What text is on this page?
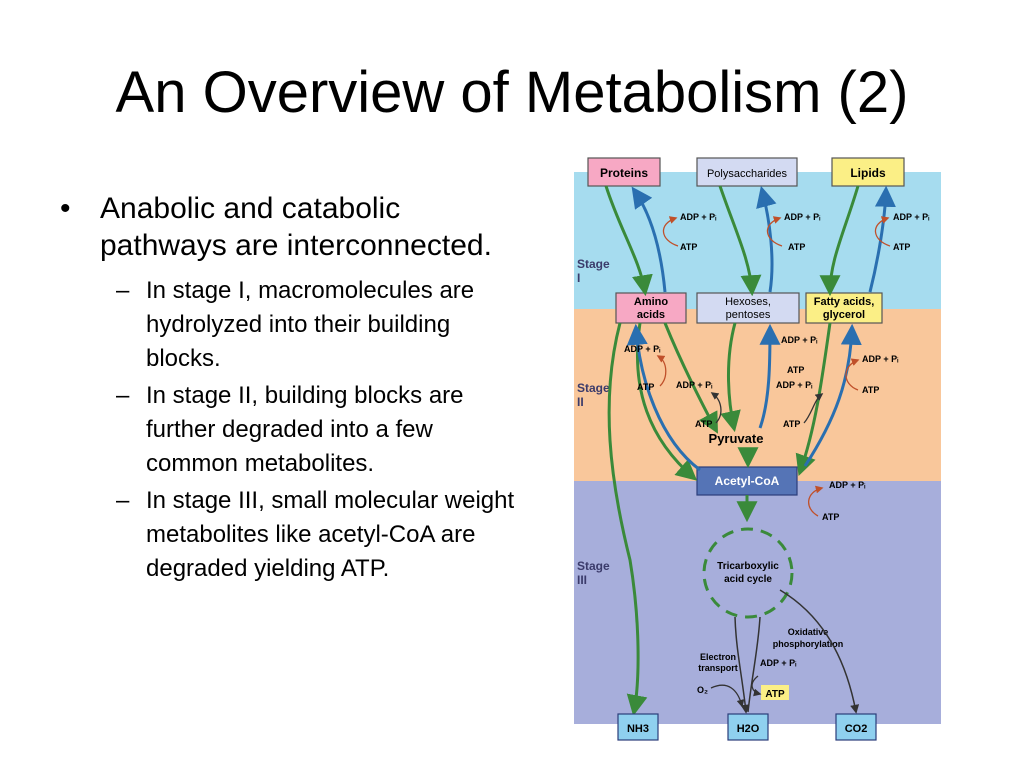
An Overview of Metabolism (2)
• Anabolic and catabolic pathways are interconnected.
– In stage I, macromolecules are hydrolyzed into their building blocks.
– In stage II, building blocks are further degraded into a few common metabolites.
– In stage III, small molecular weight metabolites like acetyl-CoA are degraded yielding ATP.
Stage
I
Stage
II
Stage
III
Proteins	Polysaccharides	Lipids
Amino
acids
Hexoses,
pentoses
Fatty acids,
glycerol
ADP + Pᵢ
ATP
ADP + Pᵢ
ATP
ADP + Pᵢ
ATP
Pyruvate
Acetyl-CoA
ADP + Pᵢ
ATP ADP + Pᵢ
ATP
ADP + Pᵢ
ATP
ADP + Pᵢ
ATP
ADP + Pᵢ
ATP
Tricarboxylic
acid cycle
ADP + Pᵢ
ATP
Oxidative
phosphorylation
Electron
transport ADP + Pᵢ
O₂	ATP
NH3	H2O	CO2
